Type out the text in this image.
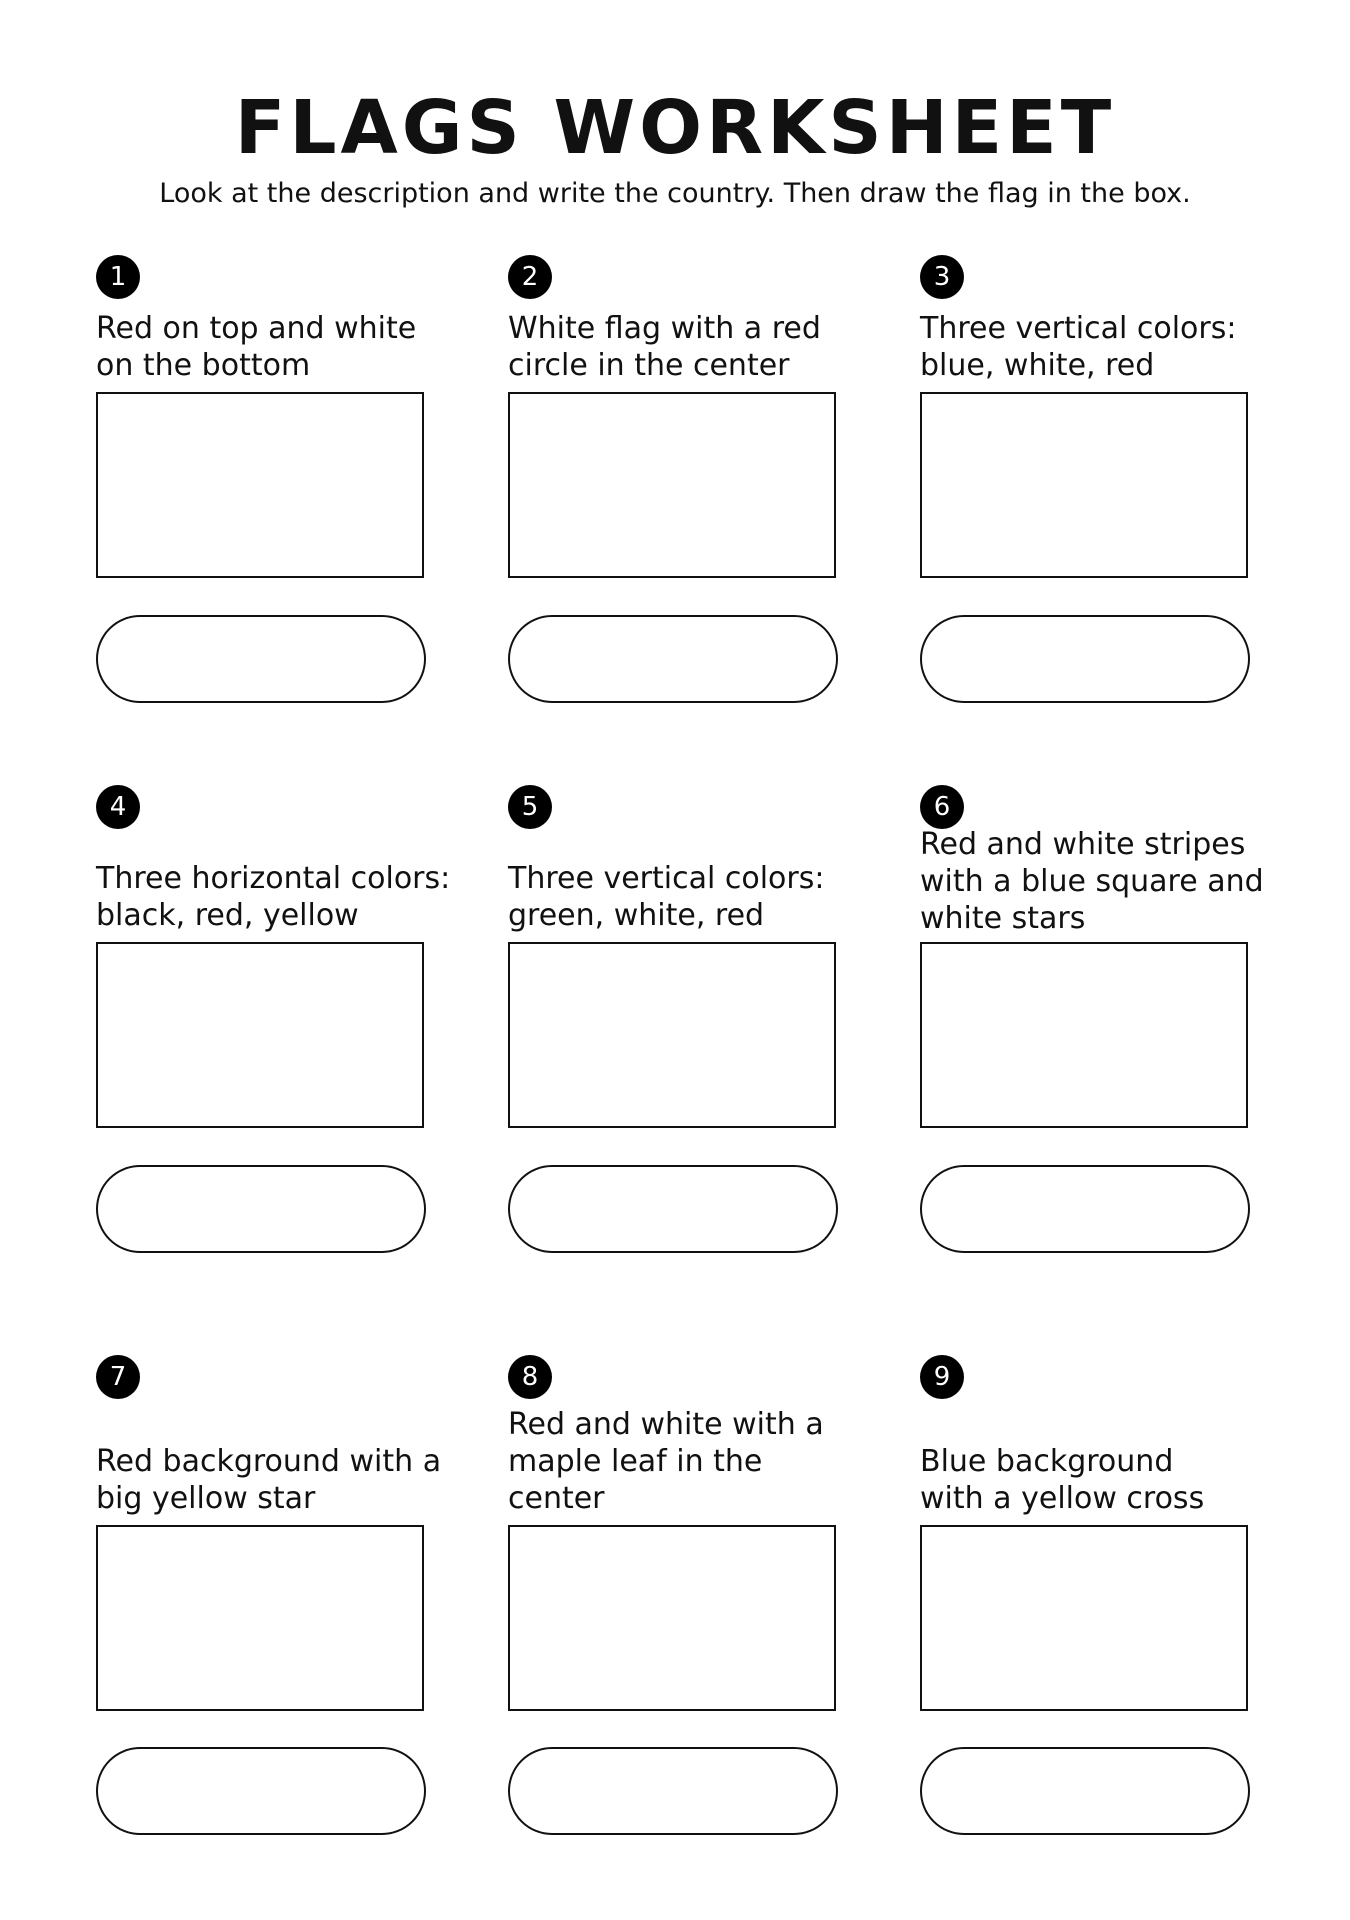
FLAGS WORKSHEET

Look at the description and write the country. Then draw the flag in the box.

1

Red on top and white on the bottom

2

White flag with a red circle in the center

3

Three vertical colors: blue, white, red

4

Three horizontal colors: black, red, yellow

5

Three vertical colors: green, white, red

6

Red and white stripes with a blue square and white stars

7

Red background with a big yellow star

8

Red and white with a maple leaf in the center

9

Blue background with a yellow cross
